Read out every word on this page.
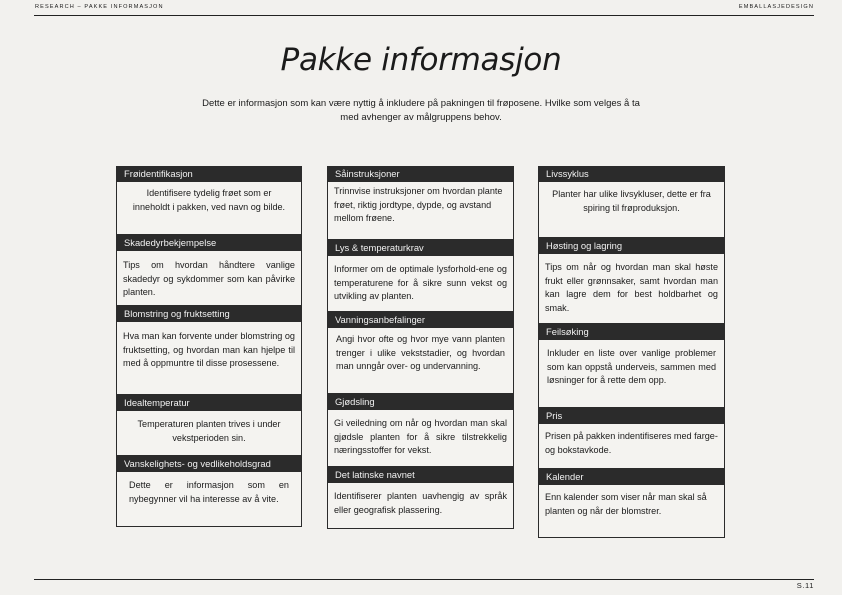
RESEARCH – PAKKE INFORMASJON	EMBALLASJEDESIGN
Pakke informasjon

Dette er informasjon som kan være nyttig å inkludere på pakningen til frøposene. Hvilke som velges å ta med avhenger av målgruppens behov.

Frøidentifikasjon
Identifisere tydelig frøet som er inneholdt i pakken, ved navn og bilde.
Skadedyrbekjempelse
Tips om hvordan håndtere vanlige skadedyr og sykdommer som kan påvirke planten.
Blomstring og fruktsetting
Hva man kan forvente under blomstring og fruktsetting, og hvordan man kan hjelpe til med å oppmuntre til disse prosessene.
Idealtemperatur
Temperaturen planten trives i under vekstperioden sin.
Vanskelighets- og vedlikeholdsgrad
Dette er informasjon som en nybegynner vil ha interesse av å vite.
Såinstruksjoner
Trinnvise instruksjoner om hvordan plante frøet, riktig jordtype, dypde, og avstand mellom frøene.
Lys & temperaturkrav
Informer om de optimale lysforhold-ene og temperaturene for å sikre sunn vekst og utvikling av planten.
Vanningsanbefalinger
Angi hvor ofte og hvor mye vann planten trenger i ulike vekststadier, og hvordan man unngår over- og undervanning.
Gjødsling
Gi veiledning om når og hvordan man skal gjødsle planten for å sikre tilstrekkelig næringsstoffer for vekst.
Det latinske navnet
Identifiserer planten uavhengig av språk eller geografisk plassering.
Livssyklus
Planter har ulike livsykluser, dette er fra spiring til frøproduksjon.
Høsting og lagring
Tips om når og hvordan man skal høste frukt eller grønnsaker, samt hvordan man kan lagre dem for best holdbarhet og smak.
Feilsøking
Inkluder en liste over vanlige problemer som kan oppstå underveis, sammen med løsninger for å rette dem opp.
Pris
Prisen på pakken indentifiseres med farge- og bokstavkode.
Kalender
Enn kalender som viser når man skal så planten og når der blomstrer.
S.11
